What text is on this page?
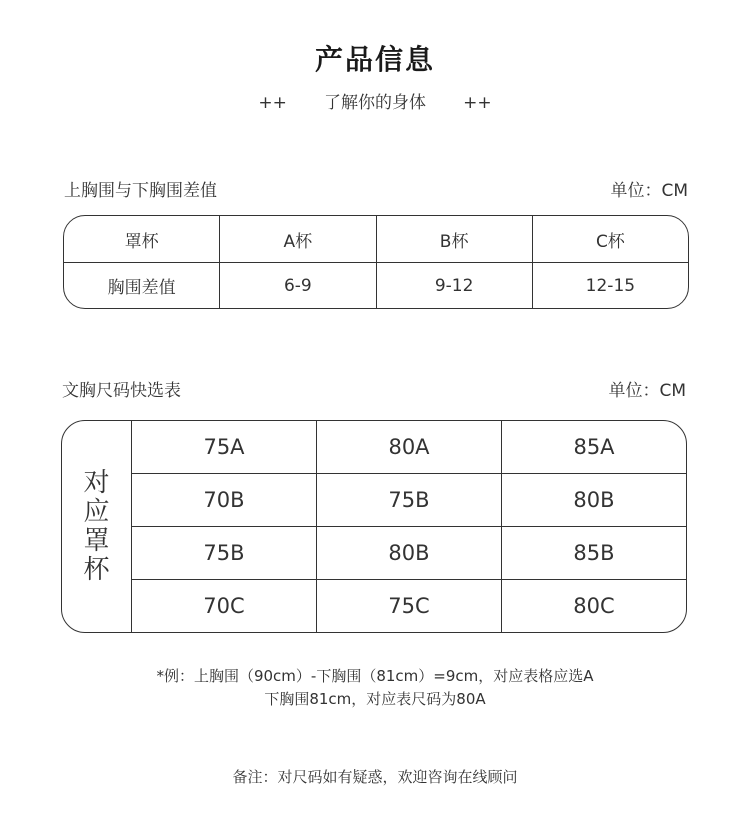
产品信息
++ 了解你的身体 ++
上胸围与下胸围差值	单位：CM
罩杯	A杯	B杯	C杯
胸围差值	6-9	9-12	12-15
文胸尺码快选表	单位：CM
对
应
罩
杯
75A	80A	85A
70B	75B	80B
75B	80B	85B
70C	75C	80C
*例：上胸围（90cm）-下胸围（81cm）=9cm，对应表格应选A
下胸围81cm，对应表尺码为80A
备注：对尺码如有疑惑，欢迎咨询在线顾问
